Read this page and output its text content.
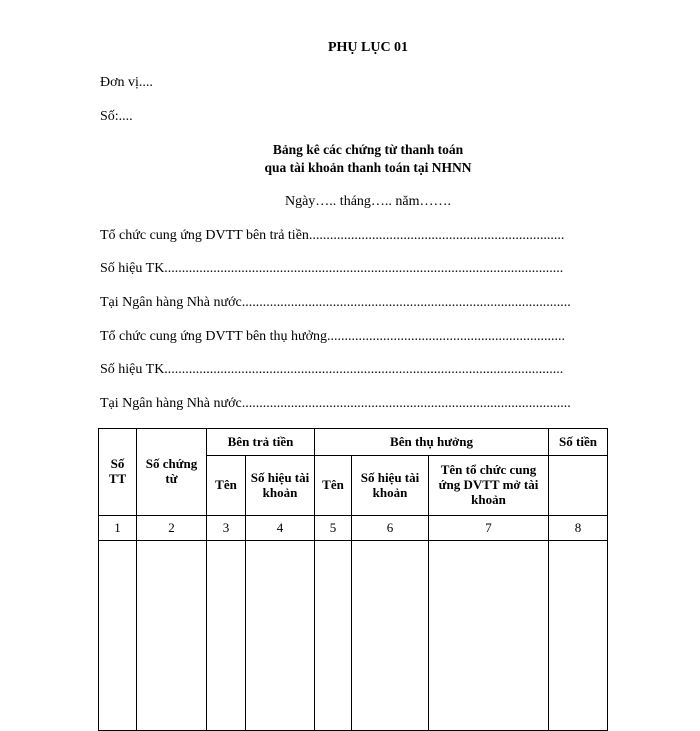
PHỤ LỤC 01
Đơn vị....
Số:....
Bảng kê các chứng từ thanh toán
qua tài khoản thanh toán tại NHNN
Ngày….. tháng….. năm…….
Tổ chức cung ứng DVTT bên trả tiền.........................................................................
Số hiệu TK..................................................................................................................
Tại Ngân hàng Nhà nước..............................................................................................
Tổ chức cung ứng DVTT bên thụ hưởng....................................................................
Số hiệu TK..................................................................................................................
Tại Ngân hàng Nhà nước..............................................................................................
Số TT	Số chứng từ	Bên trả tiền		Bên thụ hưởng			Số tiền
		Tên	Số hiệu tài khoản	Tên	Số hiệu tài khoản	Tên tổ chức cung ứng DVTT mở tài khoản	
1	2	3	4	5	6	7	8
